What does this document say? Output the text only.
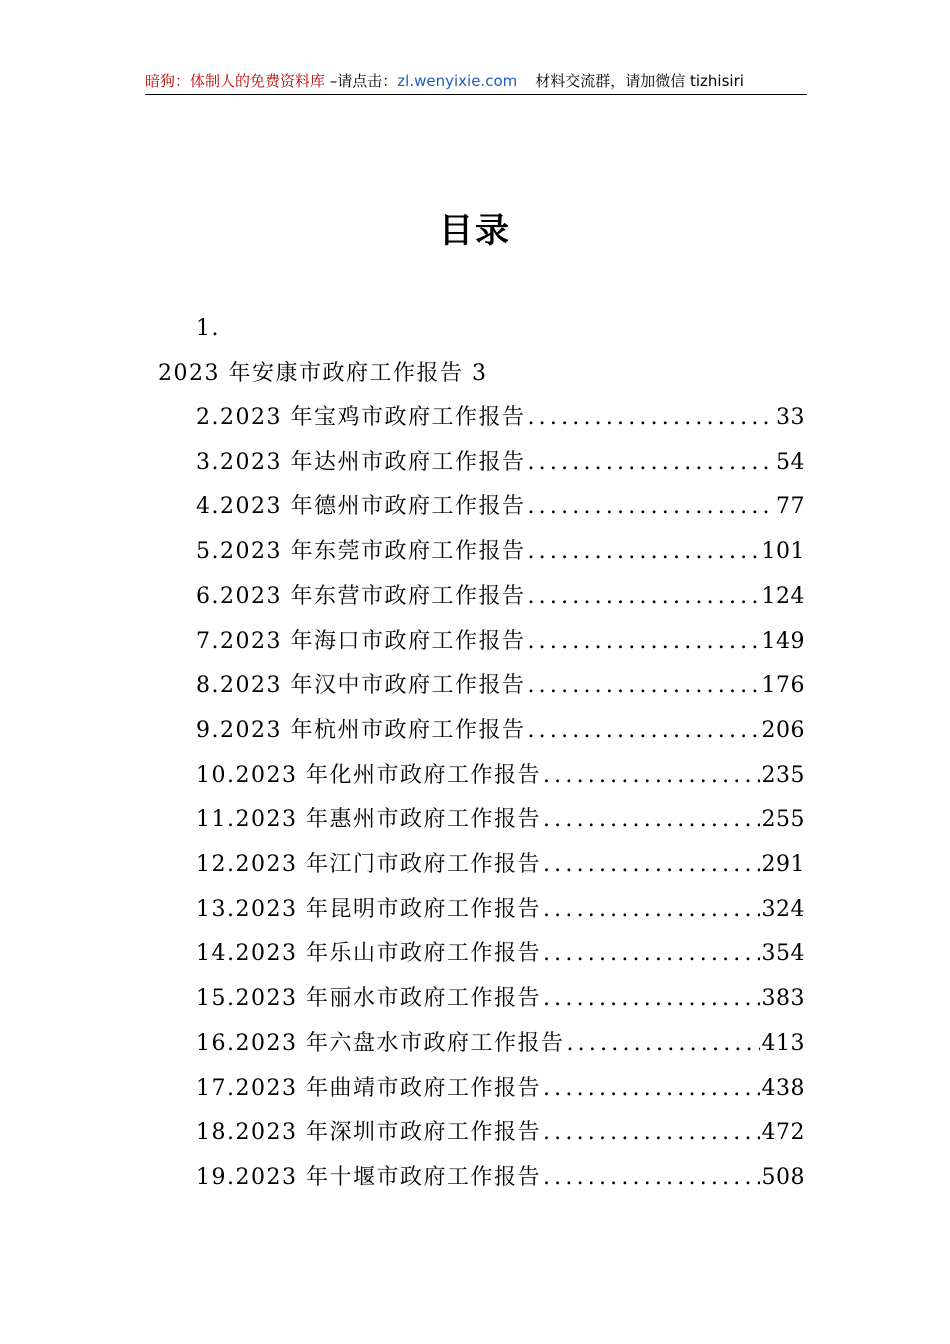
暗狗：体制人的免费资料库 –请点击：zl.wenyixie.com 材料交流群，请加微信 tizhisiri
目录
1.
2023 年安康市政府工作报告 3
2.2023 年宝鸡市政府工作报告 .....	33
3.2023 年达州市政府工作报告 .....	54
4.2023 年德州市政府工作报告 .....	77
5.2023 年东莞市政府工作报告 .....	101
6.2023 年东营市政府工作报告 .....	124
7.2023 年海口市政府工作报告 .....	149
8.2023 年汉中市政府工作报告 .....	176
9.2023 年杭州市政府工作报告 .....	206
10.2023 年化州市政府工作报告 .....	235
11.2023 年惠州市政府工作报告 .....	255
12.2023 年江门市政府工作报告 .....	291
13.2023 年昆明市政府工作报告 .....	324
14.2023 年乐山市政府工作报告 .....	354
15.2023 年丽水市政府工作报告 .....	383
16.2023 年六盘水市政府工作报告 .....	413
17.2023 年曲靖市政府工作报告 .....	438
18.2023 年深圳市政府工作报告 .....	472
19.2023 年十堰市政府工作报告 .....	508
